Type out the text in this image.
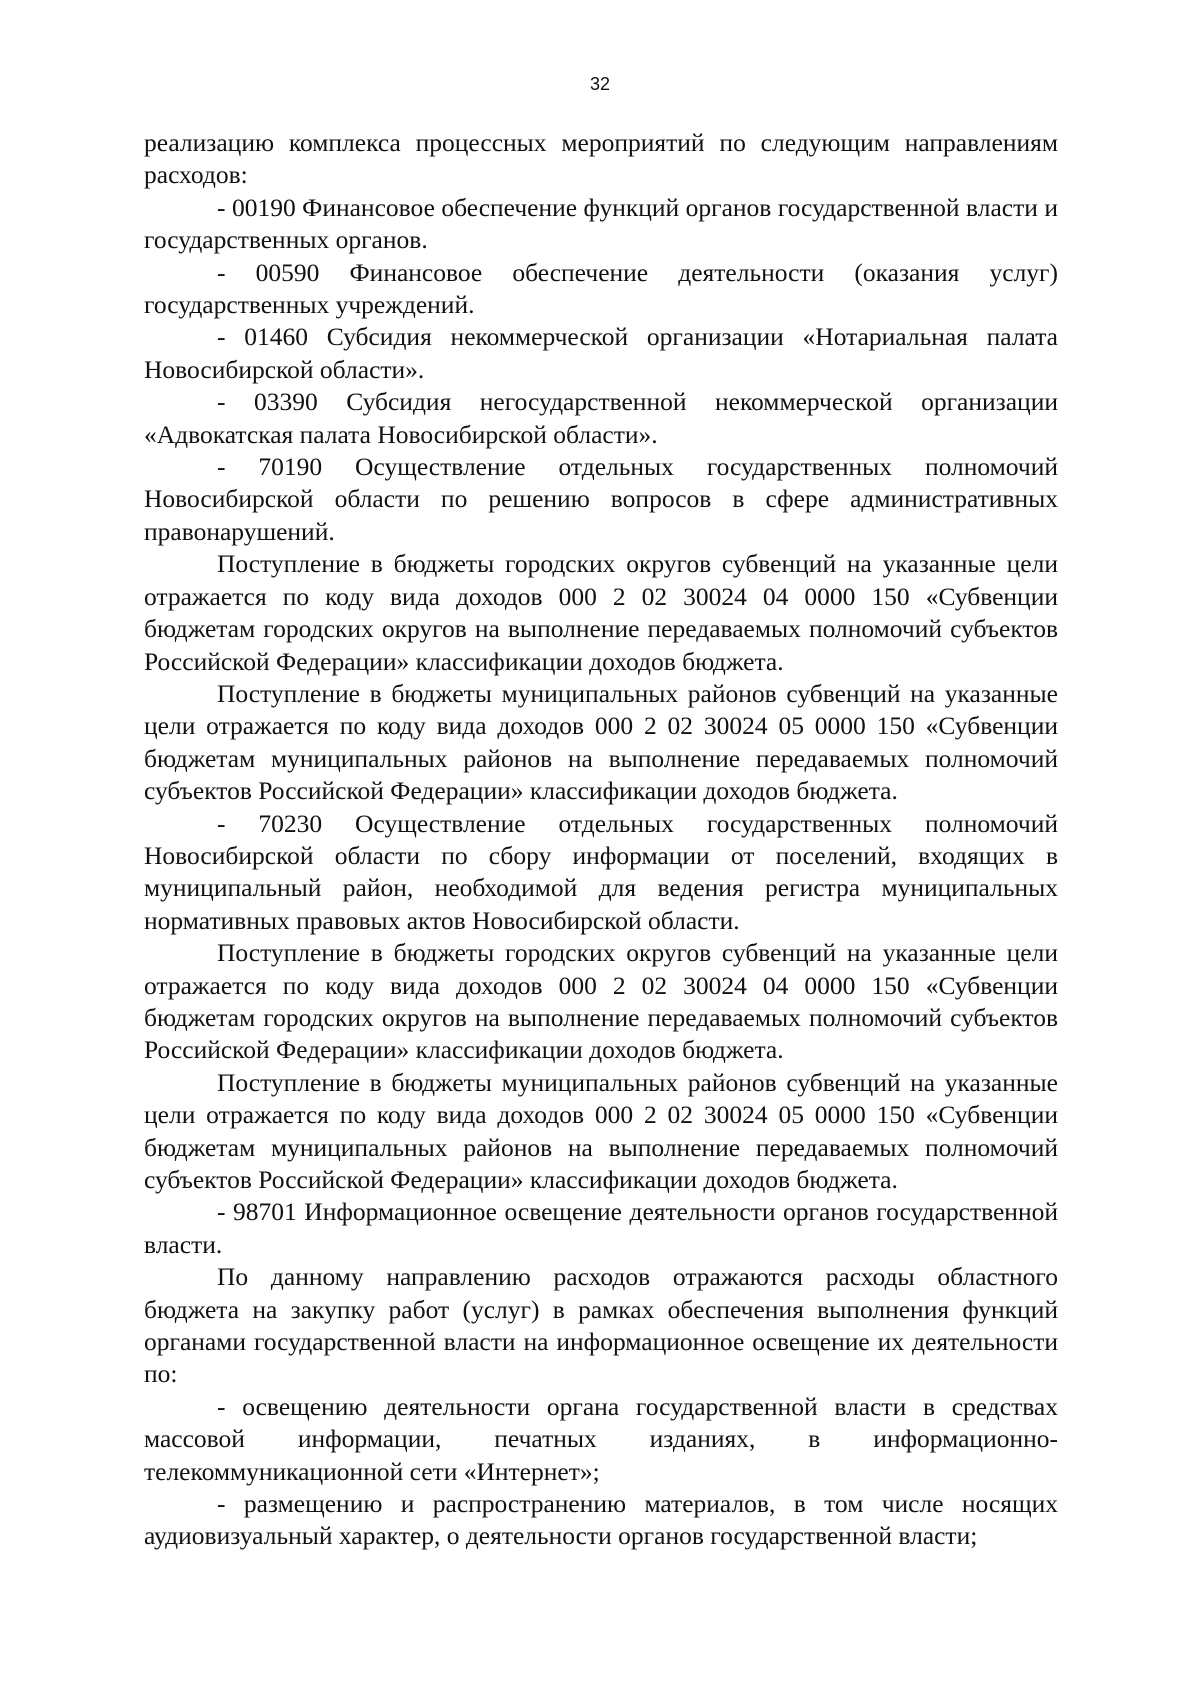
32

реализацию комплекса процессных мероприятий по следующим направлениям расходов:

- 00190 Финансовое обеспечение функций органов государственной власти и государственных органов.

- 00590 Финансовое обеспечение деятельности (оказания услуг) государственных учреждений.

- 01460 Субсидия некоммерческой организации «Нотариальная палата Новосибирской области».

- 03390 Субсидия негосударственной некоммерческой организации «Адвокатская палата Новосибирской области».

- 70190 Осуществление отдельных государственных полномочий Новосибирской области по решению вопросов в сфере административных правонарушений.

Поступление в бюджеты городских округов субвенций на указанные цели отражается по коду вида доходов 000 2 02 30024 04 0000 150 «Субвенции бюджетам городских округов на выполнение передаваемых полномочий субъектов Российской Федерации» классификации доходов бюджета.

Поступление в бюджеты муниципальных районов субвенций на указанные цели отражается по коду вида доходов 000 2 02 30024 05 0000 150 «Субвенции бюджетам муниципальных районов на выполнение передаваемых полномочий субъектов Российской Федерации» классификации доходов бюджета.

- 70230 Осуществление отдельных государственных полномочий Новосибирской области по сбору информации от поселений, входящих в муниципальный район, необходимой для ведения регистра муниципальных нормативных правовых актов Новосибирской области.

Поступление в бюджеты городских округов субвенций на указанные цели отражается по коду вида доходов 000 2 02 30024 04 0000 150 «Субвенции бюджетам городских округов на выполнение передаваемых полномочий субъектов Российской Федерации» классификации доходов бюджета.

Поступление в бюджеты муниципальных районов субвенций на указанные цели отражается по коду вида доходов 000 2 02 30024 05 0000 150 «Субвенции бюджетам муниципальных районов на выполнение передаваемых полномочий субъектов Российской Федерации» классификации доходов бюджета.

- 98701 Информационное освещение деятельности органов государственной власти.

По данному направлению расходов отражаются расходы областного бюджета на закупку работ (услуг) в рамках обеспечения выполнения функций органами государственной власти на информационное освещение их деятельности по:

- освещению деятельности органа государственной власти в средствах массовой информации, печатных изданиях, в информационно-телекоммуникационной сети «Интернет»;

- размещению и распространению материалов, в том числе носящих аудиовизуальный характер, о деятельности органов государственной власти;
